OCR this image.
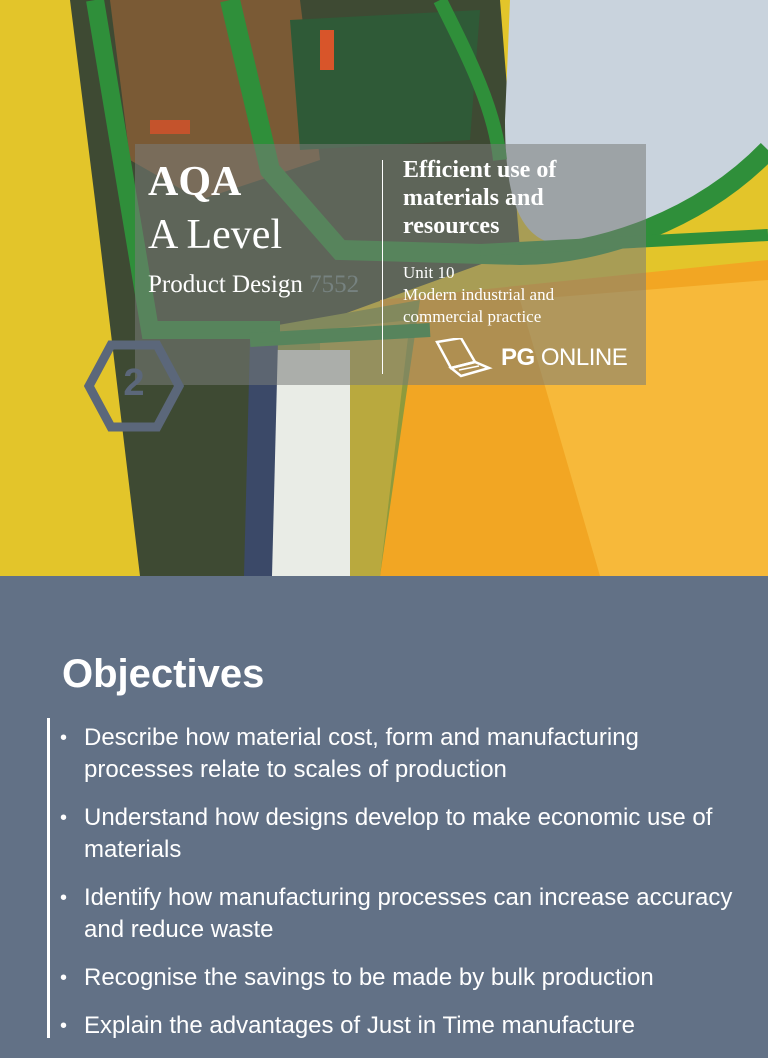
AQA
A Level
Product Design 7552
Efficient use of materials and resources
Unit 10
Modern industrial and commercial practice
PG ONLINE
2
Objectives
• Describe how material cost, form and manufacturing processes relate to scales of production
• Understand how designs develop to make economic use of materials
• Identify how manufacturing processes can increase accuracy and reduce waste
• Recognise the savings to be made by bulk production
• Explain the advantages of Just in Time manufacture
